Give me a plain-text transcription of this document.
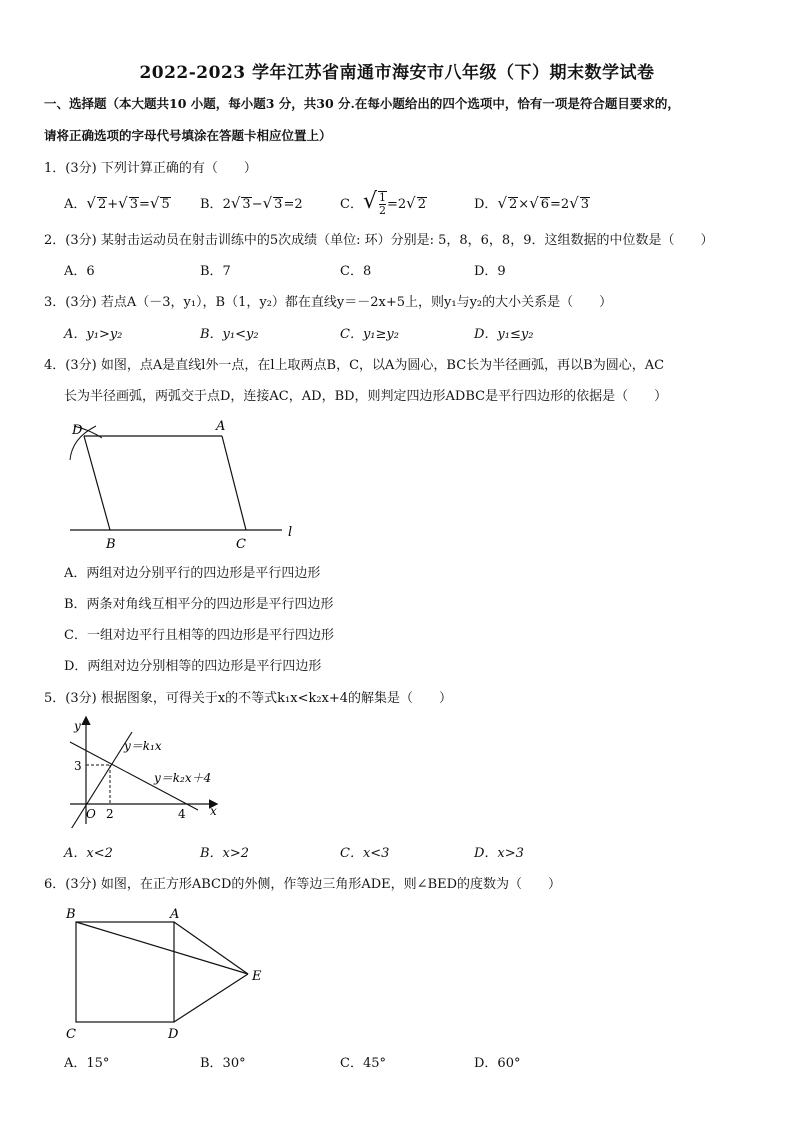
2022-2023 学年江苏省南通市海安市八年级（下）期末数学试卷
一、选择题（本大题共10 小题，每小题3 分，共30 分.在每小题给出的四个选项中，恰有一项是符合题目要求的，
请将正确选项的字母代号填涂在答题卡相应位置上）
1．(3分) 下列计算正确的有（　　）
A．√ 2+√ 3=√ 5 B．2√ 3−√ 3=2	C．√ $\frac{1}{2} =2√$ 2	D．√ 2×√ 6=2√ 3
2．(3分) 某射击运动员在射击训练中的5次成绩（单位: 环）分别是: 5，8，6，8，9．这组数据的中位数是（　　）
A．6	B．7	C．8	D．9
3．(3分) 若点A（－3，y₁），B（1，y₂）都在直线y＝－2x+5上，则y₁与y₂的大小关系是（　　）
A．y₁>y₂	B．y₁<y₂	C．y₁≥y₂	D．y₁≤y₂
4．(3分) 如图，点A是直线l外一点，在l上取两点B，C，以A为圆心，BC长为半径画弧，再以B为圆心，AC
长为半径画弧，两弧交于点D，连接AC，AD，BD，则判定四边形ADBC是平行四边形的依据是（　　）
D	A
B	C
l
A．两组对边分别平行的四边形是平行四边形
B．两条对角线互相平分的四边形是平行四边形
C．一组对边平行且相等的四边形是平行四边形
D．两组对边分别相等的四边形是平行四边形
5．(3分) 根据图象，可得关于x的不等式k₁x<k₂x+4的解集是（　　）
y
x
O
3
2	4
y＝k₁x
y＝k₂x＋4
A．x<2	B．x>2	C．x<3	D．x>3
6．(3分) 如图，在正方形ABCD的外侧，作等边三角形ADE，则∠BED的度数为（　　）
B	A
C	D
E
A．15°	B．30°	C．45°	D．60°
